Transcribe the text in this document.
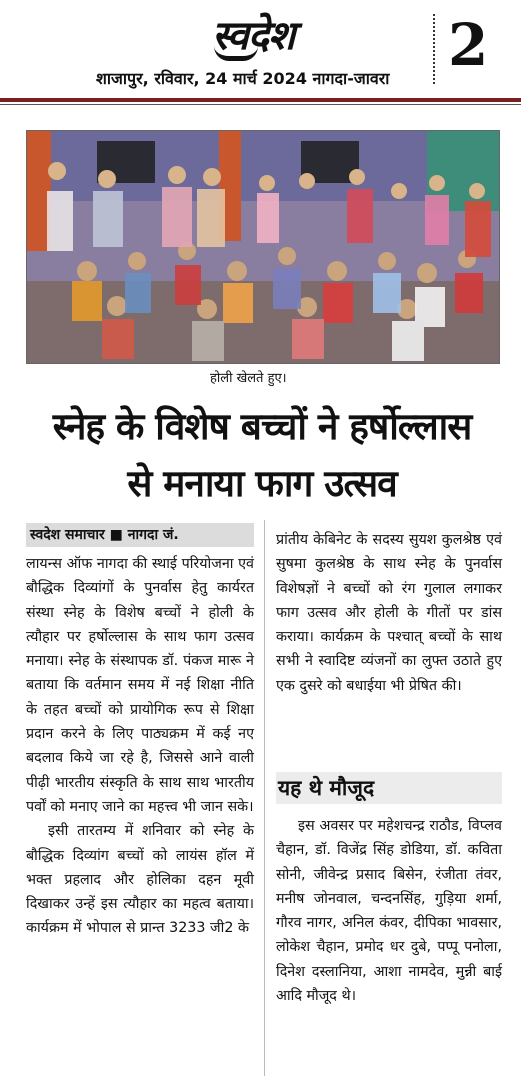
स्वदेश
शाजापुर, रविवार, 24 मार्च 2024 नागदा-जावरा	2
होली खेलते हुए।
स्नेह के विशेष बच्चों ने हर्षोल्लास
से मनाया फाग उत्सव
स्वदेश समाचार ■ नागदा जं.

लायन्स ऑफ नागदा की स्थाई परियोजना एवं बौद्धिक दिव्यांगों के पुनर्वास हेतु कार्यरत संस्था स्नेह के विशेष बच्चों ने होली के त्यौहार पर हर्षोल्लास के साथ फाग उत्सव मनाया। स्नेह के संस्थापक डॉ. पंकज मारू ने बताया कि वर्तमान समय में नई शिक्षा नीति के तहत बच्चों को प्रायोगिक रूप से शिक्षा प्रदान करने के लिए पाठ्यक्रम में कई नए बदलाव किये जा रहे है, जिससे आने वाली पीढ़ी भारतीय संस्कृति के साथ साथ भारतीय पर्वों को मनाए जाने का महत्त्व भी जान सके।

इसी तारतम्य में शनिवार को स्नेह के बौद्धिक दिव्यांग बच्चों को लायंस हॉल में भक्त प्रहलाद और होलिका दहन मूवी दिखाकर उन्हें इस त्यौहार का महत्व बताया। कार्यक्रम में भोपाल से प्रान्त 3233 जी2 के

प्रांतीय केबिनेट के सदस्य सुयश कुलश्रेष्ठ एवं सुषमा कुलश्रेष्ठ के साथ स्नेह के पुनर्वास विशेषज्ञों ने बच्चों को रंग गुलाल लगाकर फाग उत्सव और होली के गीतों पर डांस कराया। कार्यक्रम के पश्चात् बच्चों के साथ सभी ने स्वादिष्ट व्यंजनों का लुफ्त उठाते हुए एक दुसरे को बधाईया भी प्रेषित की।

यह थे मौजूद

इस अवसर पर महेशचन्द्र राठौड, विप्लव चैहान, डॉ. विजेंद्र सिंह डोडिया, डॉ. कविता सोनी, जीवेन्द्र प्रसाद बिसेन, रंजीता तंवर, मनीष जोनवाल, चन्दनसिंह, गुड़िया शर्मा, गौरव नागर, अनिल कंवर, दीपिका भावसार, लोकेश चैहान, प्रमोद धर दुबे, पप्पू पनोला, दिनेश दस्लानिया, आशा नामदेव, मुन्नी बाई आदि मौजूद थे।
